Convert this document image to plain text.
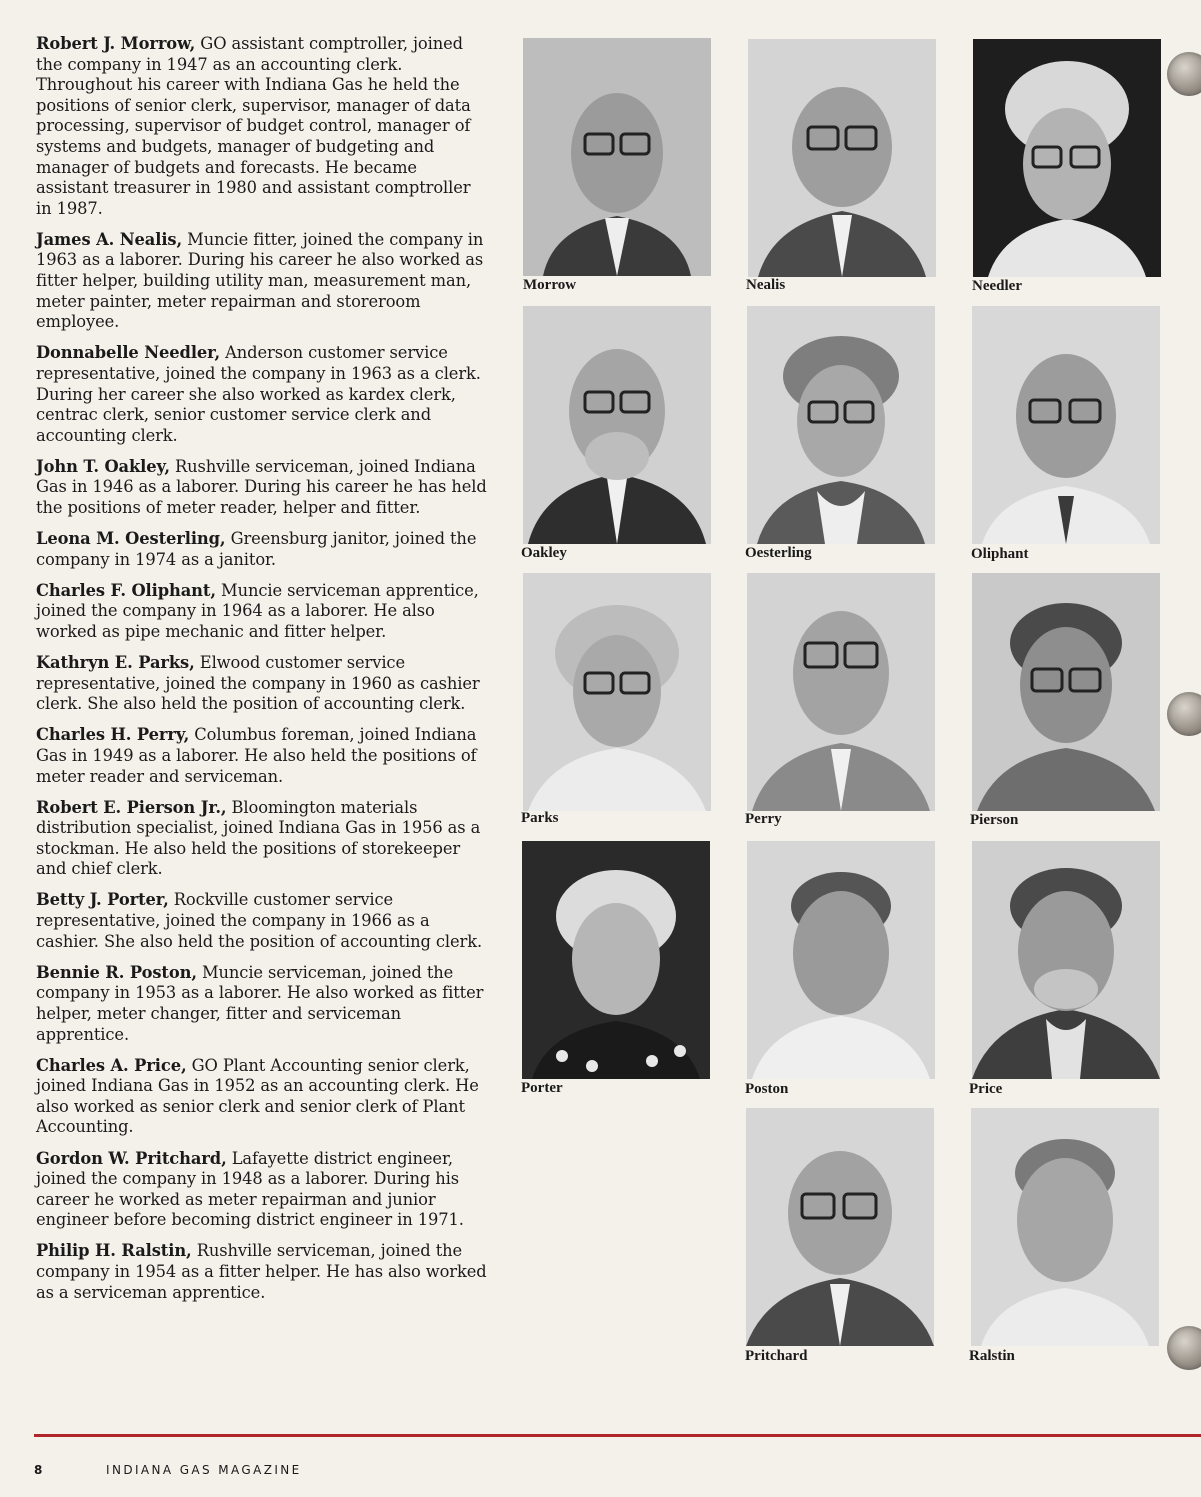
Robert J. Morrow, GO assistant comptroller, joined the company in 1947 as an accounting clerk. Throughout his career with Indiana Gas he held the positions of senior clerk, supervisor, manager of data processing, supervisor of budget control, manager of systems and budgets, manager of budgeting and manager of budgets and forecasts. He became assistant treasurer in 1980 and assistant comptroller in 1987.

James A. Nealis, Muncie fitter, joined the company in 1963 as a laborer. During his career he also worked as fitter helper, building utility man, measurement man, meter painter, meter repairman and storeroom employee.

Donnabelle Needler, Anderson customer service representative, joined the company in 1963 as a clerk. During her career she also worked as kardex clerk, centrac clerk, senior customer service clerk and accounting clerk.

John T. Oakley, Rushville serviceman, joined Indiana Gas in 1946 as a laborer. During his career he has held the positions of meter reader, helper and fitter.

Leona M. Oesterling, Greensburg janitor, joined the company in 1974 as a janitor.

Charles F. Oliphant, Muncie serviceman apprentice, joined the company in 1964 as a laborer. He also worked as pipe mechanic and fitter helper.

Kathryn E. Parks, Elwood customer service representative, joined the company in 1960 as cashier clerk. She also held the position of accounting clerk.

Charles H. Perry, Columbus foreman, joined Indiana Gas in 1949 as a laborer. He also held the positions of meter reader and serviceman.

Robert E. Pierson Jr., Bloomington materials distribution specialist, joined Indiana Gas in 1956 as a stockman. He also held the positions of storekeeper and chief clerk.

Betty J. Porter, Rockville customer service representative, joined the company in 1966 as a cashier. She also held the position of accounting clerk.

Bennie R. Poston, Muncie serviceman, joined the company in 1953 as a laborer. He also worked as fitter helper, meter changer, fitter and serviceman apprentice.

Charles A. Price, GO Plant Accounting senior clerk, joined Indiana Gas in 1952 as an accounting clerk. He also worked as senior clerk and senior clerk of Plant Accounting.

Gordon W. Pritchard, Lafayette district engineer, joined the company in 1948 as a laborer. During his career he worked as meter repairman and junior engineer before becoming district engineer in 1971.

Philip H. Ralstin, Rushville serviceman, joined the company in 1954 as a fitter helper. He has also worked as a serviceman apprentice.

Morrow	Nealis	Needler
Oakley	Oesterling	Oliphant
Parks	Perry	Pierson
Porter	Poston	Price
Pritchard	Ralstin
8	INDIANA GAS MAGAZINE
